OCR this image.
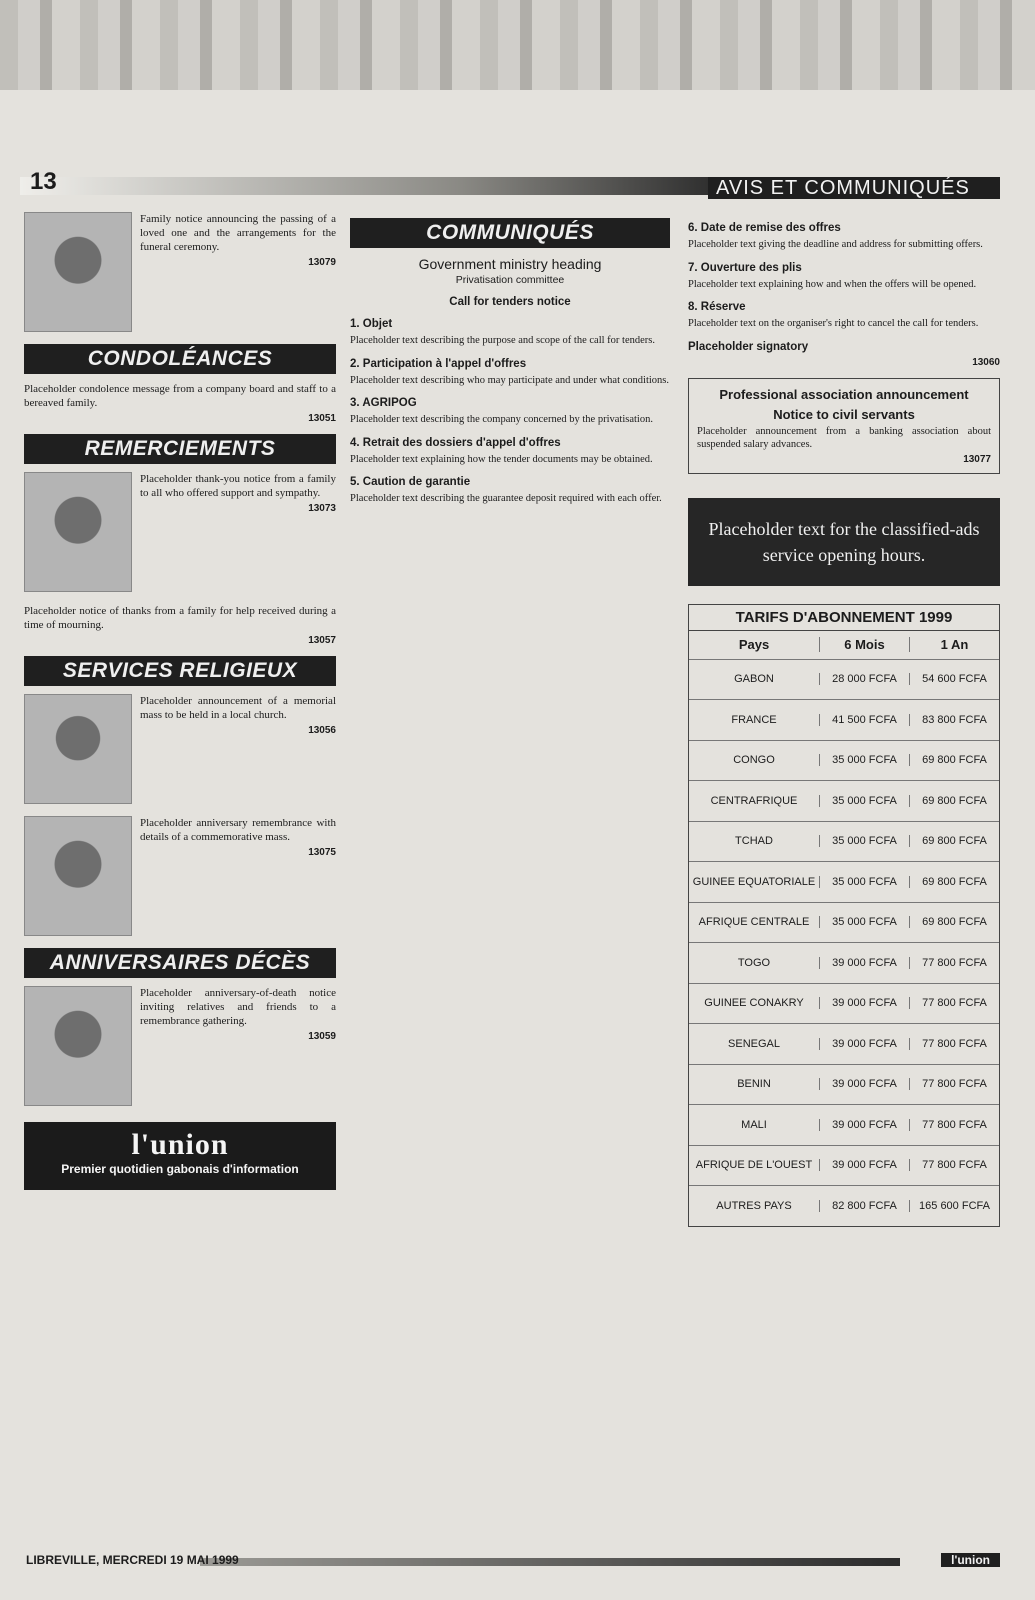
13	AVIS ET COMMUNIQUÉS
Family notice announcing the passing of a loved one and the arrangements for the funeral ceremony.
13079
CONDOLÉANCES
Placeholder condolence message from a company board and staff to a bereaved family.
13051
REMERCIEMENTS
Placeholder thank-you notice from a family to all who offered support and sympathy.
13073
Placeholder notice of thanks from a family for help received during a time of mourning.
13057
SERVICES RELIGIEUX
Placeholder announcement of a memorial mass to be held in a local church.
13056
Placeholder anniversary remembrance with details of a commemorative mass.
13075
ANNIVERSAIRES DÉCÈS
Placeholder anniversary-of-death notice inviting relatives and friends to a remembrance gathering.
13059
l'union
Premier quotidien gabonais d'information
COMMUNIQUÉS
Government ministry heading
Privatisation committee
Call for tenders notice
1. Objet
Placeholder text describing the purpose and scope of the call for tenders.
2. Participation à l'appel d'offres
Placeholder text describing who may participate and under what conditions.
3. AGRIPOG
Placeholder text describing the company concerned by the privatisation.
4. Retrait des dossiers d'appel d'offres
Placeholder text explaining how the tender documents may be obtained.
5. Caution de garantie
Placeholder text describing the guarantee deposit required with each offer.
6. Date de remise des offres
Placeholder text giving the deadline and address for submitting offers.
7. Ouverture des plis
Placeholder text explaining how and when the offers will be opened.
8. Réserve
Placeholder text on the organiser's right to cancel the call for tenders.
Placeholder signatory
13060
Professional association announcement
Notice to civil servants
Placeholder announcement from a banking association about suspended salary advances.
13077
Placeholder text for the classified-ads service opening hours.
TARIFS D'ABONNEMENT 1999
Pays	6 Mois	1 An
GABON	28 000 FCFA	54 600 FCFA
FRANCE	41 500 FCFA	83 800 FCFA
CONGO	35 000 FCFA	69 800 FCFA
CENTRAFRIQUE	35 000 FCFA	69 800 FCFA
TCHAD	35 000 FCFA	69 800 FCFA
GUINEE EQUATORIALE	35 000 FCFA	69 800 FCFA
AFRIQUE CENTRALE	35 000 FCFA	69 800 FCFA
TOGO	39 000 FCFA	77 800 FCFA
GUINEE CONAKRY	39 000 FCFA	77 800 FCFA
SENEGAL	39 000 FCFA	77 800 FCFA
BENIN	39 000 FCFA	77 800 FCFA
MALI	39 000 FCFA	77 800 FCFA
AFRIQUE DE L'OUEST	39 000 FCFA	77 800 FCFA
AUTRES PAYS	82 800 FCFA	165 600 FCFA
LIBREVILLE, MERCREDI 19 MAI 1999	l'union
